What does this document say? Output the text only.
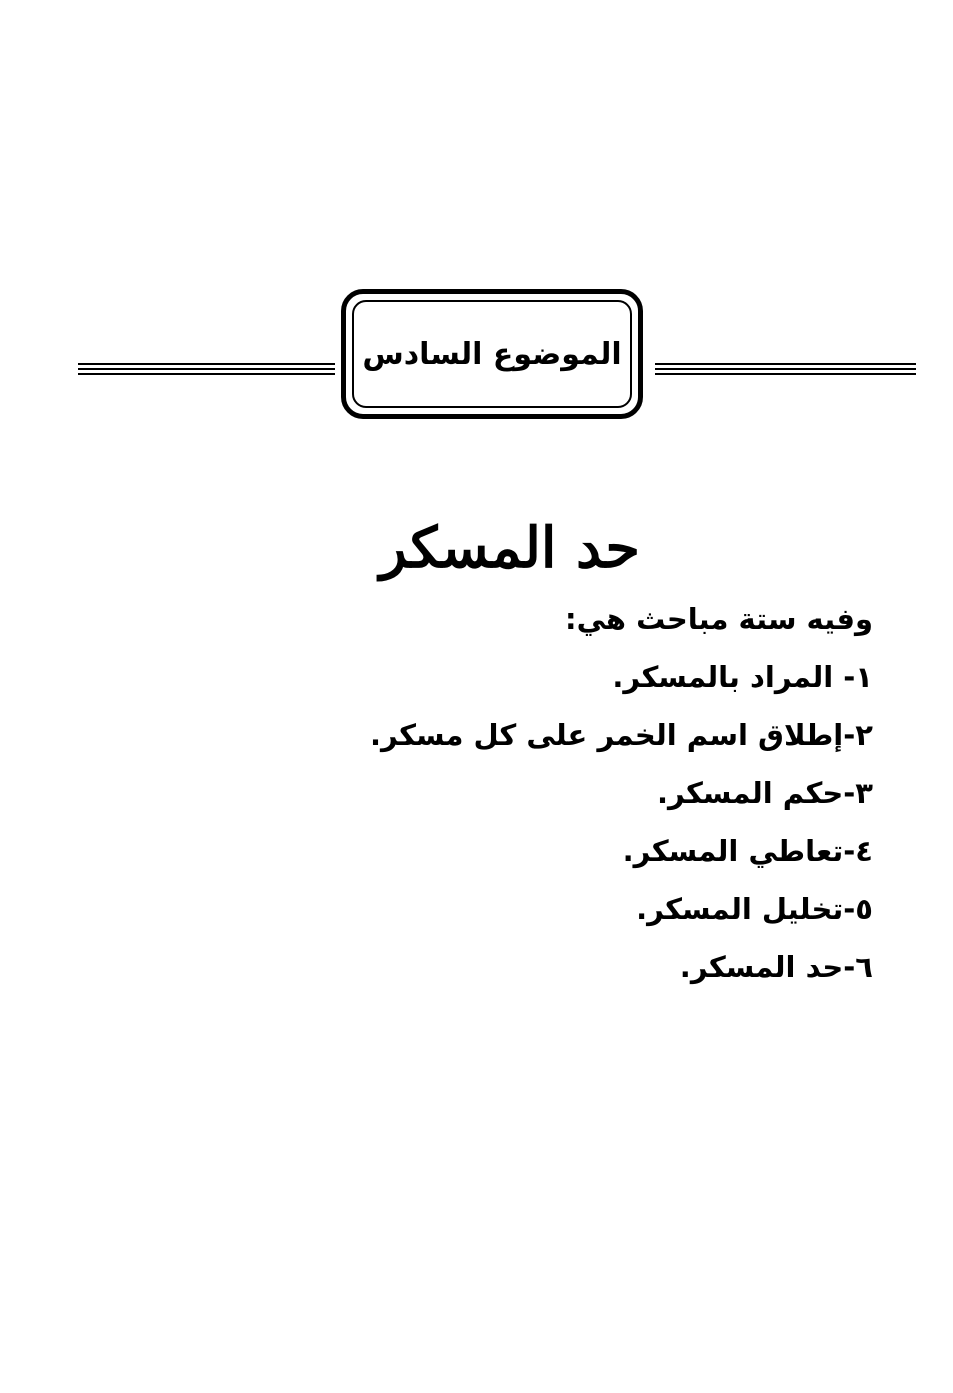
الموضوع السادس
حد المسكر
وفيه ستة مباحث هي:
١- المراد بالمسكر.
٢-إطلاق اسم الخمر على كل مسكر.
٣-حكم المسكر.
٤-تعاطي المسكر.
٥-تخليل المسكر.
٦-حد المسكر.
